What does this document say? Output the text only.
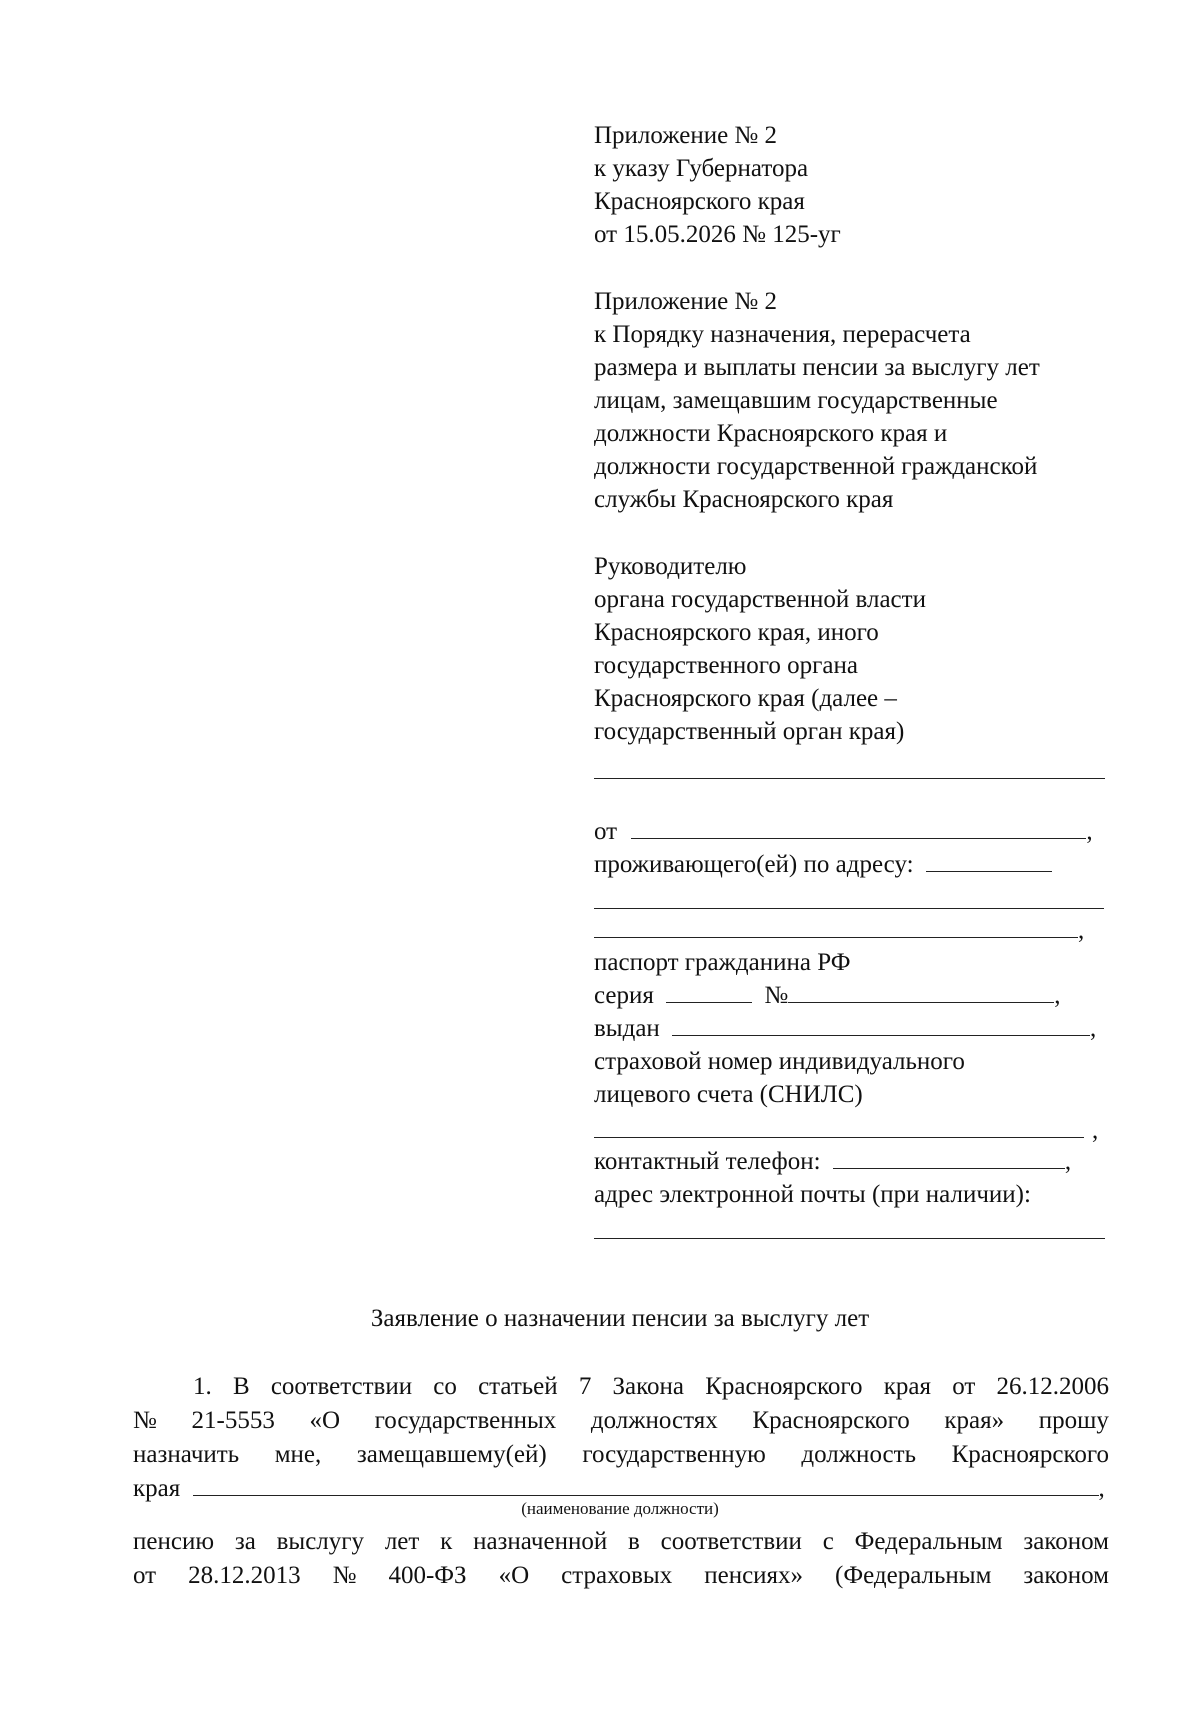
Приложение № 2
к указу Губернатора
Красноярского края
от 15.05.2026 № 125-уг
Приложение № 2
к Порядку назначения, перерасчета
размера и выплаты пенсии за выслугу лет
лицам, замещавшим государственные
должности Красноярского края и
должности государственной гражданской
службы Красноярского края
Руководителю
органа государственной власти
Красноярского края, иного
государственного органа
Красноярского края (далее –
государственный орган края)
от	,
проживающего(ей) по адресу:
,
паспорт гражданина РФ
серия	№	,
выдан	,
страховой номер индивидуального
лицевого счета (СНИЛС)
,
контактный телефон:	,
адрес электронной почты (при наличии):
Заявление о назначении пенсии за выслугу лет
1. В соответствии со статьей 7 Закона Красноярского края от 26.12.2006
№ 21-5553 «О государственных должностях Красноярского края» прошу
назначить мне, замещавшему(ей) государственную должность Красноярского
края	,
(наименование должности)
пенсию за выслугу лет к назначенной в соответствии с Федеральным законом
от 28.12.2013 № 400-ФЗ «О страховых пенсиях» (Федеральным законом
